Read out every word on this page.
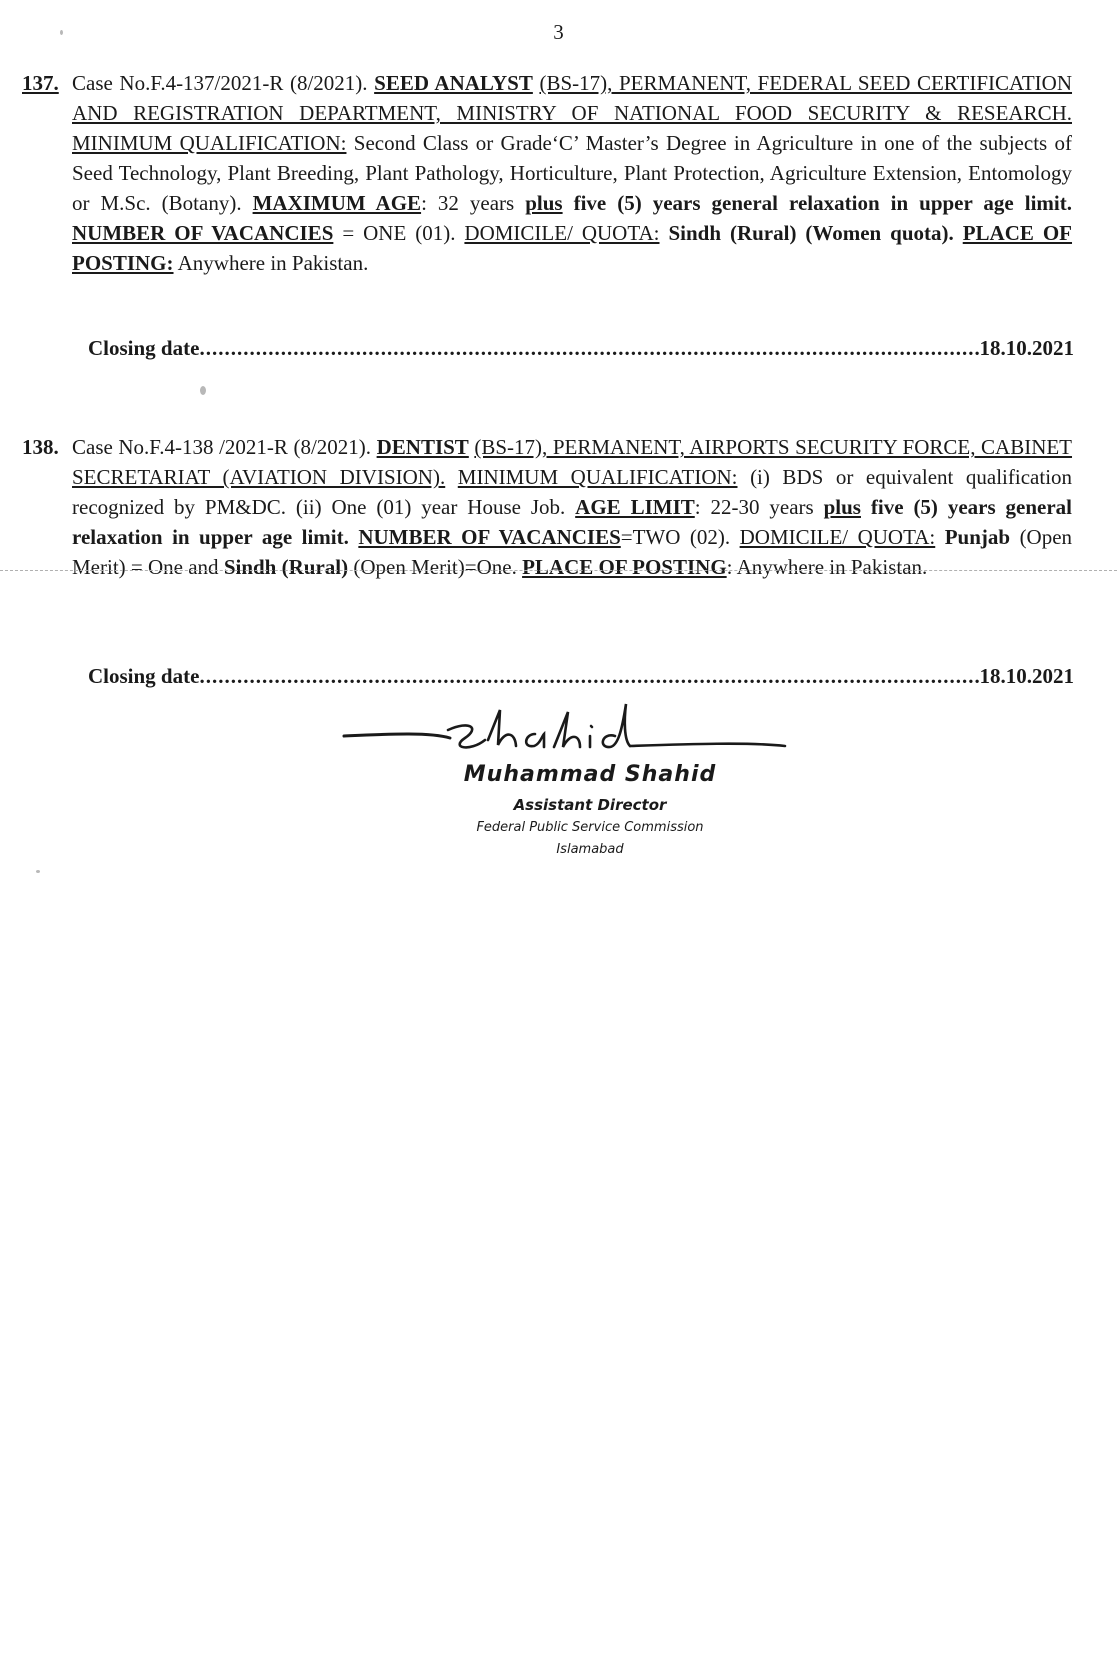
3
137. Case No.F.4-137/2021-R (8/2021). SEED ANALYST (BS-17), PERMANENT, FEDERAL SEED CERTIFICATION AND REGISTRATION DEPARTMENT, MINISTRY OF NATIONAL FOOD SECURITY & RESEARCH. MINIMUM QUALIFICATION: Second Class or Grade‘C’ Master’s Degree in Agriculture in one of the subjects of Seed Technology, Plant Breeding, Plant Pathology, Horticulture, Plant Protection, Agriculture Extension, Entomology or M.Sc. (Botany). MAXIMUM AGE: 32 years plus five (5) years general relaxation in upper age limit. NUMBER OF VACANCIES = ONE (01). DOMICILE/ QUOTA: Sindh (Rural) (Women quota). PLACE OF POSTING: Anywhere in Pakistan.
Closing date .....	18.10.2021
138. Case No.F.4-138 /2021-R (8/2021). DENTIST (BS-17), PERMANENT, AIRPORTS SECURITY FORCE, CABINET SECRETARIAT (AVIATION DIVISION). MINIMUM QUALIFICATION: (i) BDS or equivalent qualification recognized by PM&DC. (ii) One (01) year House Job. AGE LIMIT: 22-30 years plus five (5) years general relaxation in upper age limit. NUMBER OF VACANCIES=TWO (02). DOMICILE/ QUOTA: Punjab (Open Merit) = One and Sindh (Rural) (Open Merit)=One. PLACE OF POSTING: Anywhere in Pakistan.
Closing date .....	18.10.2021
Muhammad Shahid
Assistant Director
Federal Public Service Commission
Islamabad
